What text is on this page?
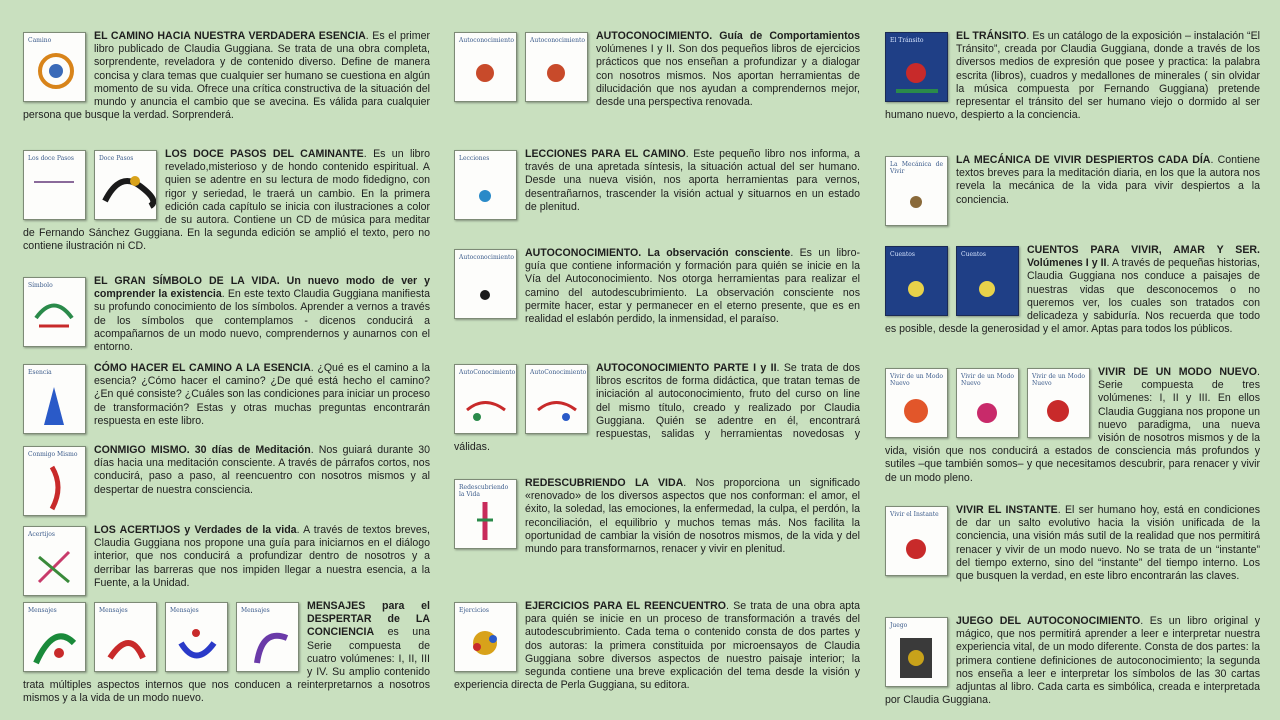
Camino	EL CAMINO HACIA NUESTRA VERDADERA ESENCIA. Es el primer libro publicado de Claudia Guggiana. Se trata de una obra completa, sorprendente, reveladora y de contenido diverso. Define de manera concisa y clara temas que cualquier ser humano se cuestiona en algún momento de su vida. Ofrece una crítica constructiva de la situación del mundo y anuncia el cambio que se avecina. Es válida para cualquier persona que busque la verdad. Sorprenderá.
Los doce Pasos	Doce Pasos	LOS DOCE PASOS DEL CAMINANTE. Es un libro revelado,misterioso y de hondo contenido espiritual. A quien se adentre en su lectura de modo fidedigno, con rigor y seriedad, le traerá un cambio. En la primera edición cada capítulo se inicia con ilustraciones a color de su autora. Contiene un CD de música para meditar de Fernando Sánchez Guggiana. En la segunda edición se amplió el texto, pero no contiene ilustración ni CD.
Símbolo	EL GRAN SÍMBOLO DE LA VIDA. Un nuevo modo de ver y comprender la existencia. En este texto Claudia Guggiana manifiesta su profundo conocimiento de los símbolos. Aprender a vernos a través de los símbolos que contemplamos - dicenos conducirá a acompañarnos de un modo nuevo, comprendernos y aunarnos con el entorno.
Esencia	CÓMO HACER EL CAMINO A LA ESENCIA. ¿Qué es el camino a la esencia? ¿Cómo hacer el camino? ¿De qué está hecho el camino? ¿En qué consiste? ¿Cuáles son las condiciones para iniciar un proceso de transformación? Estas y otras muchas preguntas encontrarán respuesta en este libro.
Conmigo Mismo	CONMIGO MISMO. 30 días de Meditación. Nos guiará durante 30 días hacia una meditación consciente. A través de párrafos cortos, nos conducirá, paso a paso, al reencuentro con nosotros mismos y al despertar de nuestra consciencia.
Acertijos	LOS ACERTIJOS y Verdades de la vida. A través de textos breves, Claudia Guggiana nos propone una guía para iniciarnos en el diálogo interior, que nos conducirá a profundizar dentro de nosotros y a derribar las barreras que nos impiden llegar a nuestra esencia, a la Fuente, a la Unidad.
Mensajes	Mensajes	Mensajes	Mensajes	MENSAJES para el DESPERTAR de LA CONCIENCIA es una Serie compuesta de cuatro volúmenes: I, II, III y IV. Su amplio contenido trata múltiples aspectos internos que nos conducen a reinterpretarnos a nosotros mismos y a la vida de un modo nuevo.
Autoconocimiento	Autoconocimiento AUTOCONOCIMIENTO. Guía de Comportamientos volúmenes I y II. Son dos pequeños libros de ejercicios prácticos que nos enseñan a profundizar y a dialogar con nosotros mismos. Nos aportan herramientas de dilucidación que nos ayudan a comprendernos mejor, desde una perspectiva renovada.
Lecciones	LECCIONES PARA EL CAMINO. Este pequeño libro nos informa, a través de una apretada síntesis, la situación actual del ser humano. Desde una nueva visión, nos aporta herramientas para vernos, desentrañarnos, trascender la visión actual y situarnos en un estado de plenitud.
Autoconocimiento AUTOCONOCIMIENTO. La observación consciente. Es un libro- guía que contiene información y formación para quién se inicie en la Vía del Autoconocimiento. Nos otorga herramientas para realizar el camino del autodescubrimiento. La observación consciente nos permite hacer, estar y permanecer en el eterno presente, que es en realidad el eslabón perdido, la inmensidad, el paraíso.
AutoConocimiento AutoConocimiento AUTOCONOCIMIENTO PARTE I y II. Se trata de dos libros escritos de forma didáctica, que tratan temas de iniciación al autoconocimiento, fruto del curso on line del mismo título, creado y realizado por Claudia Guggiana. Quién se adentre en él, encontrará respuestas, salidas y herramientas novedosas y válidas.
Redescubriendo la Vida
REDESCUBRIENDO LA VIDA. Nos proporciona un significado «renovado» de los diversos aspectos que nos conforman: el amor, el éxito, la soledad, las emociones, la enfermedad, la culpa, el perdón, la reconciliación, el equilibrio y muchos temas más. Nos facilita la oportunidad de cambiar la visión de nosotros mismos, de la vida y del mundo para transformarnos, renacer y vivir en plenitud.
Ejercicios	EJERCICIOS PARA EL REENCUENTRO. Se trata de una obra apta para quién se inicie en un proceso de transformación a través del autodescubrimiento. Cada tema o contenido consta de dos partes y dos autoras: la primera constituida por microensayos de Claudia Guggiana sobre diversos aspectos de nuestro paisaje interior; la segunda contiene una breve explicación del tema desde la visión y experiencia directa de Perla Guggiana, su editora.
El Tránsito	EL TRÁNSITO. Es un catálogo de la exposición – instalación “El Tránsito”, creada por Claudia Guggiana, donde a través de los diversos medios de expresión que posee y practica: la palabra escrita (libros), cuadros y medallones de minerales ( sin olvidar la música compuesta por Fernando Guggiana) pretende representar el tránsito del ser humano viejo o dormido al ser humano nuevo, despierto a la conciencia.
La Mecánica de Vivir
LA MECÁNICA DE VIVIR DESPIERTOS CADA DÍA. Contiene textos breves para la meditación diaria, en los que la autora nos revela la mecánica de la vida para vivir despiertos a la conciencia.
Cuentos	Cuentos	CUENTOS PARA VIVIR, AMAR Y SER. Volúmenes I y II. A través de pequeñas historias, Claudia Guggiana nos conduce a paisajes de nuestras vidas que desconocemos o no queremos ver, los cuales son tratados con delicadeza y sabiduría. Nos recuerda que todo es posible, desde la generosidad y el amor. Aptas para todos los públicos.
Vivir de un Modo Nuevo
Vivir de un Modo Nuevo
Vivir de un Modo Nuevo
VIVIR DE UN MODO NUEVO. Serie compuesta de tres volúmenes: I, II y III. En ellos Claudia Guggiana nos propone un nuevo paradigma, una nueva visión de nosotros mismos y de la vida, visión que nos conducirá a estados de consciencia más profundos y sutiles –que también somos– y que necesitamos descubrir, para renacer y vivir de un modo pleno.
Vivir el Instante	VIVIR EL INSTANTE. El ser humano hoy, está en condiciones de dar un salto evolutivo hacia la visión unificada de la conciencia, una visión más sutil de la realidad que nos permitirá renacer y vivir de un modo nuevo. No se trata de un “instante” del tiempo externo, sino del “instante” del tiempo interno. Los que busquen la verdad, en este libro encontrarán las claves.
Juego	JUEGO DEL AUTOCONOCIMIENTO. Es un libro original y mágico, que nos permitirá aprender a leer e interpretar nuestra experiencia vital, de un modo diferente. Consta de dos partes: la primera contiene definiciones de autoconocimiento; la segunda nos enseña a leer e interpretar los símbolos de las 30 cartas adjuntas al libro. Cada carta es simbólica, creada e interpretada por Claudia Guggiana.
